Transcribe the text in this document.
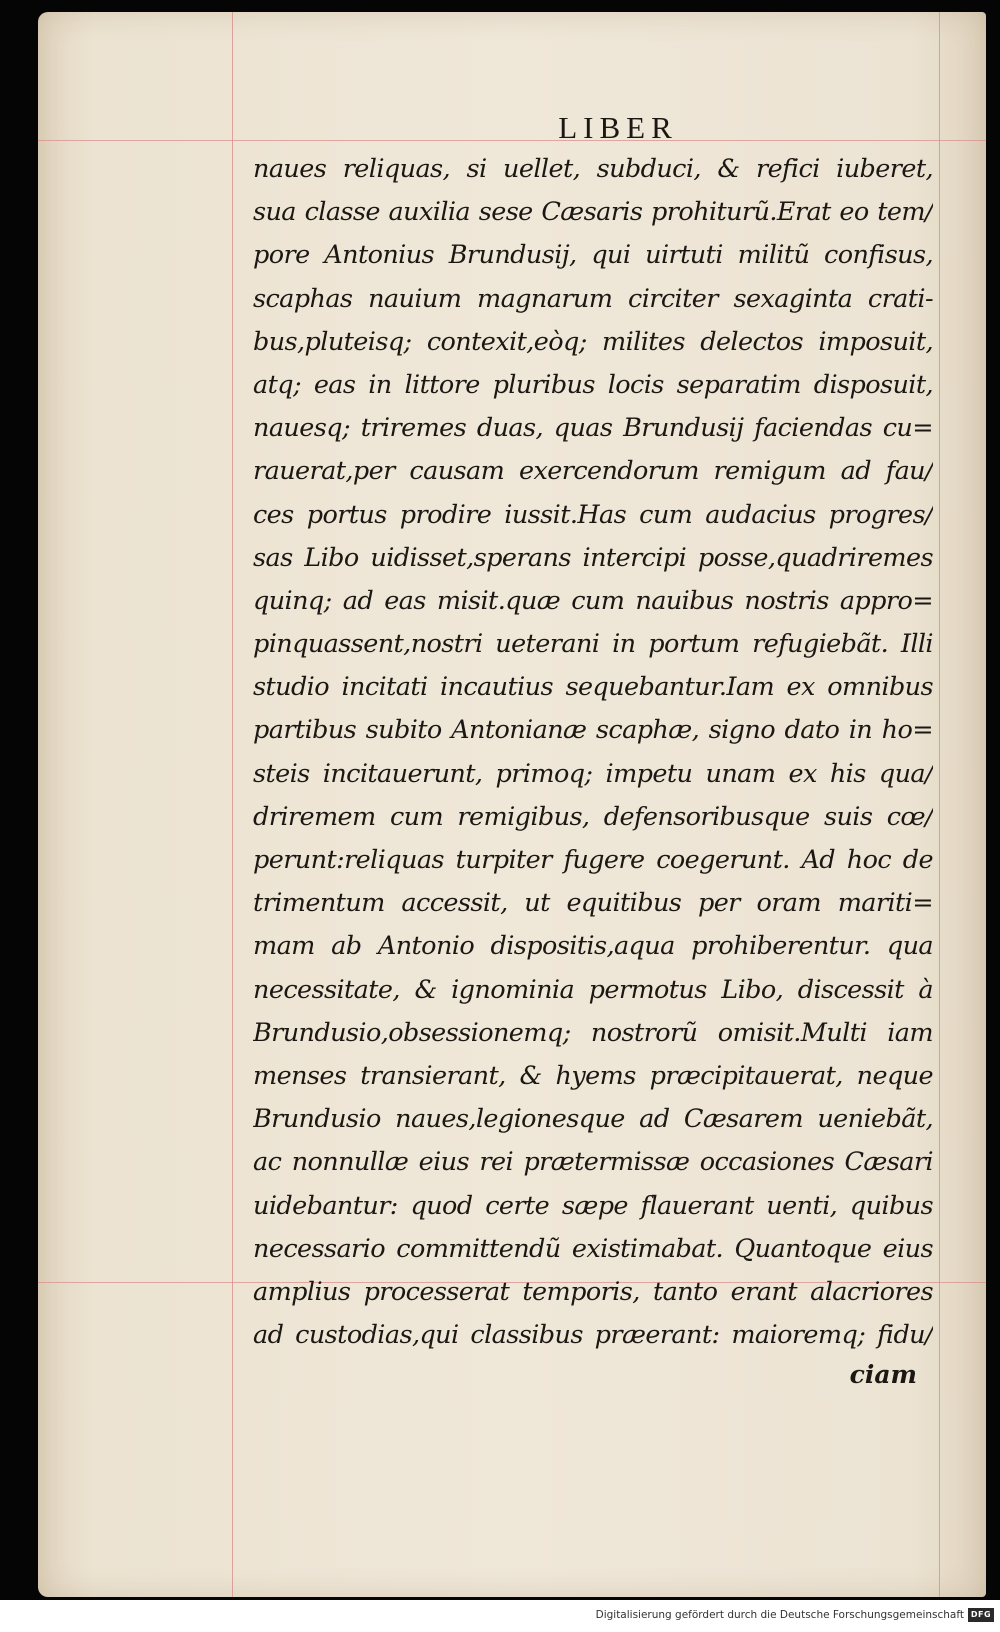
LIBER
naues reliquas, si uellet, subduci, & refici iuberet,
sua classe auxilia sese Cæsaris prohiturũ.Erat eo tem/
pore Antonius Brundusij, qui uirtuti militũ confisus,
scaphas nauium magnarum circiter sexaginta crati-
bus,pluteisq; contexit,eòq; milites delectos imposuit,
atq; eas in littore pluribus locis separatim disposuit,
nauesq; triremes duas, quas Brundusij faciendas cu=
rauerat,per causam exercendorum remigum ad fau/
ces portus prodire iussit.Has cum audacius progres/
sas Libo uidisset,sperans intercipi posse,quadriremes
quinq; ad eas misit.quæ cum nauibus nostris appro=
pinquassent,nostri ueterani in portum refugiebãt. Illi
studio incitati incautius sequebantur.Iam ex omnibus
partibus subito Antonianæ scaphæ, signo dato in ho=
steis incitauerunt, primoq; impetu unam ex his qua/
driremem cum remigibus, defensoribusque suis cœ/
perunt:reliquas turpiter fugere coegerunt. Ad hoc de
trimentum accessit, ut equitibus per oram mariti=
mam ab Antonio dispositis,aqua prohiberentur. qua
necessitate, & ignominia permotus Libo, discessit à
Brundusio,obsessionemq; nostrorũ omisit.Multi iam
menses transierant, & hyems præcipitauerat, neque
Brundusio naues,legionesque ad Cæsarem ueniebãt,
ac nonnullæ eius rei prætermissæ occasiones Cæsari
uidebantur: quod certe sæpe flauerant uenti, quibus
necessario committendũ existimabat. Quantoque eius
amplius processerat temporis, tanto erant alacriores
ad custodias,qui classibus præerant: maioremq; fidu/
ciam
Digitalisierung gefördert durch die Deutsche Forschungsgemeinschaft DFG
